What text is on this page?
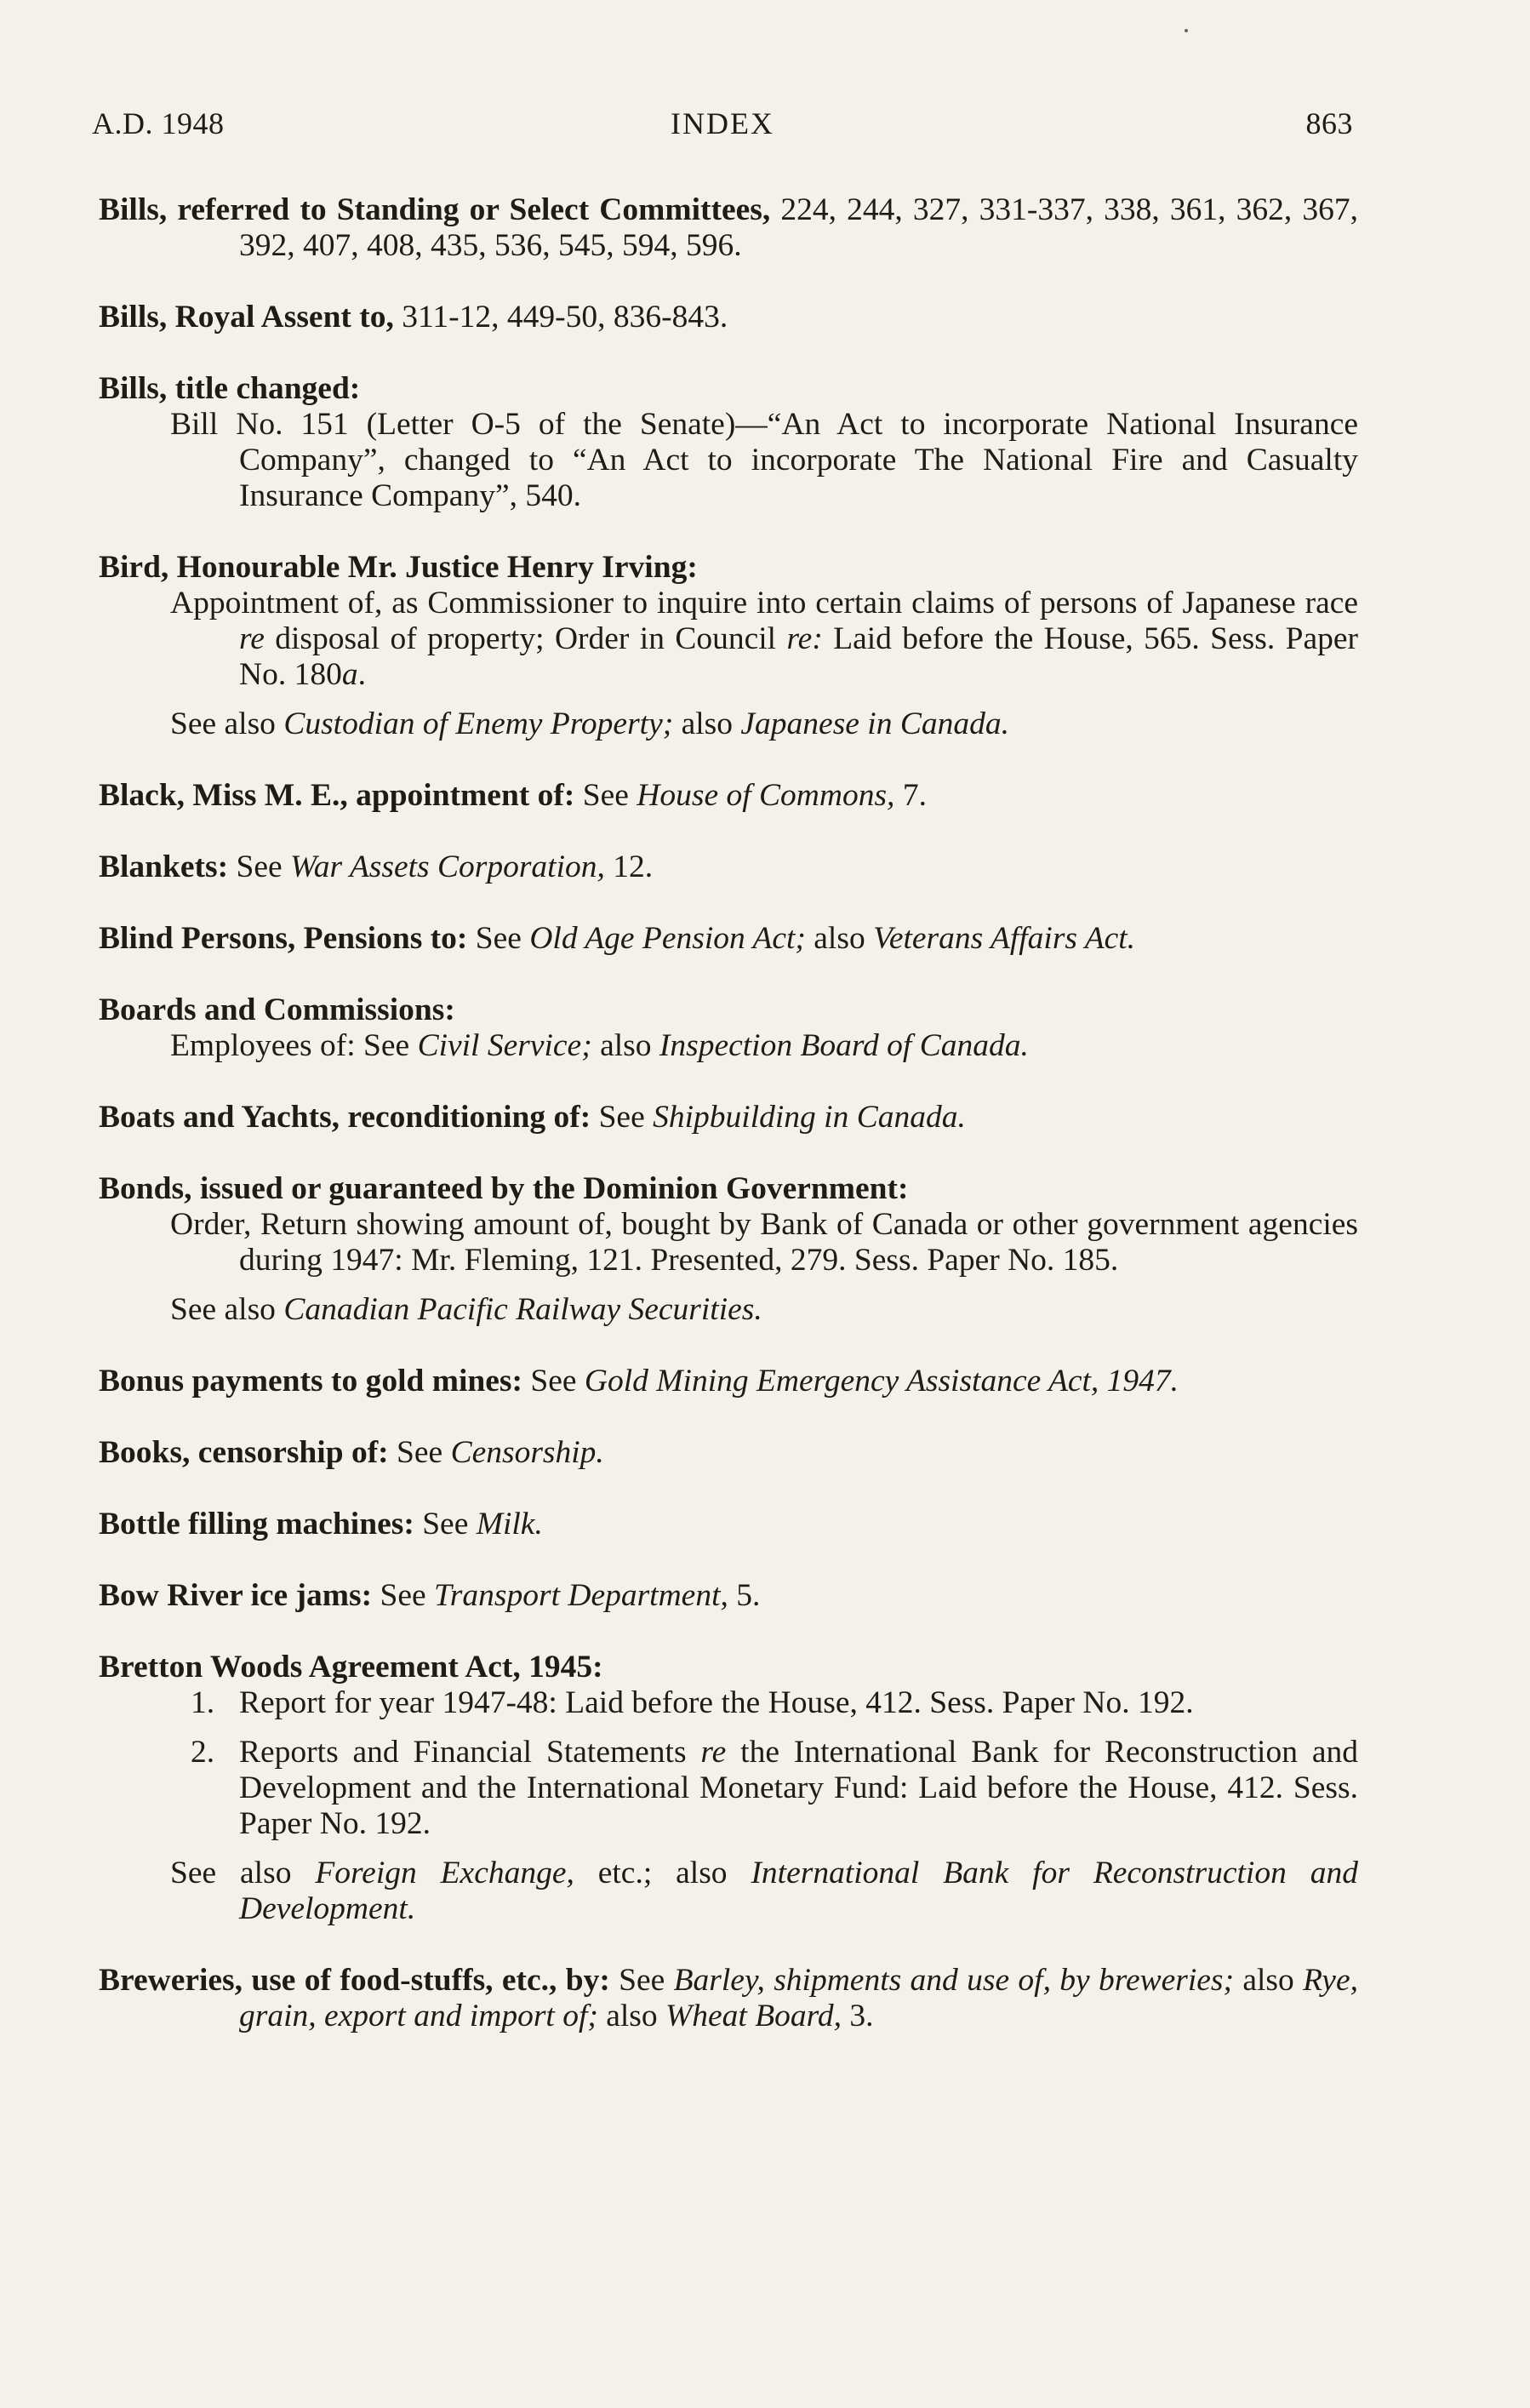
A.D. 1948	INDEX	863
Bills, referred to Standing or Select Committees, 224, 244, 327, 331-337, 338, 361, 362, 367, 392, 407, 408, 435, 536, 545, 594, 596.
Bills, Royal Assent to, 311-12, 449-50, 836-843.
Bills, title changed:
Bill No. 151 (Letter O-5 of the Senate)—“An Act to incorporate National Insurance Company”, changed to “An Act to incorporate The National Fire and Casualty Insurance Company”, 540.
Bird, Honourable Mr. Justice Henry Irving:
Appointment of, as Commissioner to inquire into certain claims of persons of Japanese race re disposal of property; Order in Council re: Laid before the House, 565. Sess. Paper No. 180a.
See also Custodian of Enemy Property; also Japanese in Canada.
Black, Miss M. E., appointment of: See House of Commons, 7.
Blankets: See War Assets Corporation, 12.
Blind Persons, Pensions to: See Old Age Pension Act; also Veterans Affairs Act.
Boards and Commissions:
Employees of: See Civil Service; also Inspection Board of Canada.
Boats and Yachts, reconditioning of: See Shipbuilding in Canada.
Bonds, issued or guaranteed by the Dominion Government:
Order, Return showing amount of, bought by Bank of Canada or other government agencies during 1947: Mr. Fleming, 121. Presented, 279. Sess. Paper No. 185.
See also Canadian Pacific Railway Securities.
Bonus payments to gold mines: See Gold Mining Emergency Assistance Act, 1947.
Books, censorship of: See Censorship.
Bottle filling machines: See Milk.
Bow River ice jams: See Transport Department, 5.
Bretton Woods Agreement Act, 1945:
1. Report for year 1947-48: Laid before the House, 412. Sess. Paper No. 192.
2. Reports and Financial Statements re the International Bank for Reconstruction and Development and the International Monetary Fund: Laid before the House, 412. Sess. Paper No. 192.
See also Foreign Exchange, etc.; also International Bank for Reconstruction and Development.
Breweries, use of food-stuffs, etc., by: See Barley, shipments and use of, by breweries; also Rye, grain, export and import of; also Wheat Board, 3.
